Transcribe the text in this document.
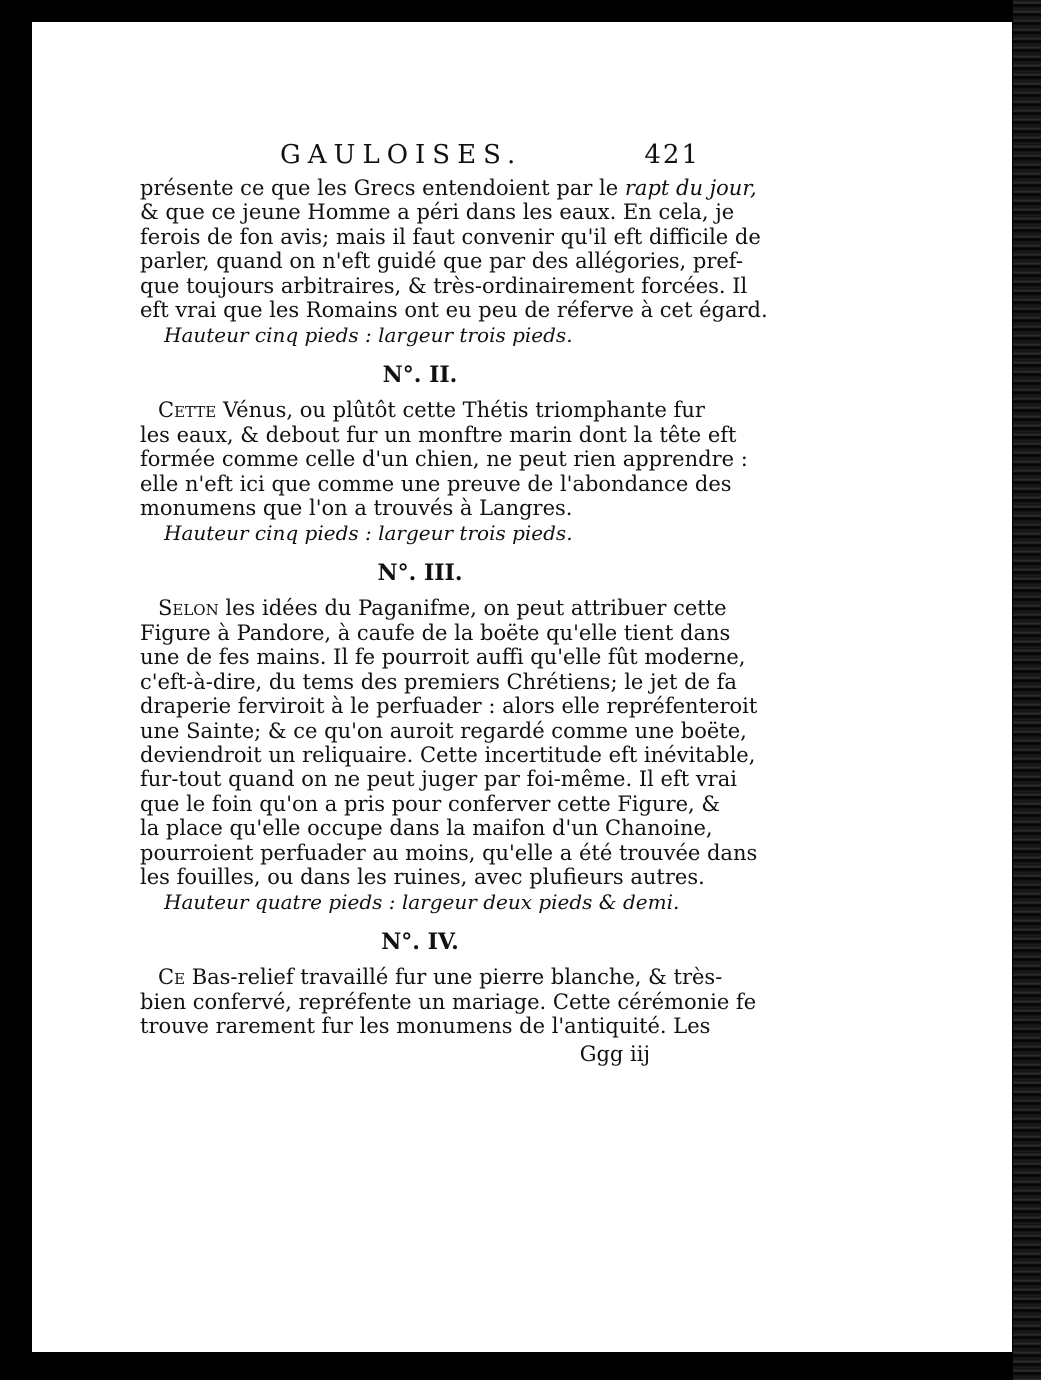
GAULOISES.	421

présente ce que les Grecs entendoient par le rapt du jour,

& que ce jeune Homme a péri dans les eaux. En cela, je

ferois de fon avis; mais il faut convenir qu'il eft difficile de

parler, quand on n'eft guidé que par des allégories, pref-

que toujours arbitraires, & très-ordinairement forcées. Il

eft vrai que les Romains ont eu peu de réferve à cet égard.

Hauteur cinq pieds : largeur trois pieds.

N°. II.

Cette Vénus, ou plûtôt cette Thétis triomphante fur

les eaux, & debout fur un monftre marin dont la tête eft

formée comme celle d'un chien, ne peut rien apprendre :

elle n'eft ici que comme une preuve de l'abondance des

monumens que l'on a trouvés à Langres.

Hauteur cinq pieds : largeur trois pieds.

N°. III.

Selon les idées du Paganifme, on peut attribuer cette

Figure à Pandore, à caufe de la boëte qu'elle tient dans

une de fes mains. Il fe pourroit auffi qu'elle fût moderne,

c'eft-à-dire, du tems des premiers Chrétiens; le jet de fa

draperie ferviroit à le perfuader : alors elle repréfenteroit

une Sainte; & ce qu'on auroit regardé comme une boëte,

deviendroit un reliquaire. Cette incertitude eft inévitable,

fur-tout quand on ne peut juger par foi-même. Il eft vrai

que le foin qu'on a pris pour conferver cette Figure, &

la place qu'elle occupe dans la maifon d'un Chanoine,

pourroient perfuader au moins, qu'elle a été trouvée dans

les fouilles, ou dans les ruines, avec plufieurs autres.

Hauteur quatre pieds : largeur deux pieds & demi.

N°. IV.

Ce Bas-relief travaillé fur une pierre blanche, & très-

bien confervé, repréfente un mariage. Cette cérémonie fe

trouve rarement fur les monumens de l'antiquité. Les

Ggg iij
